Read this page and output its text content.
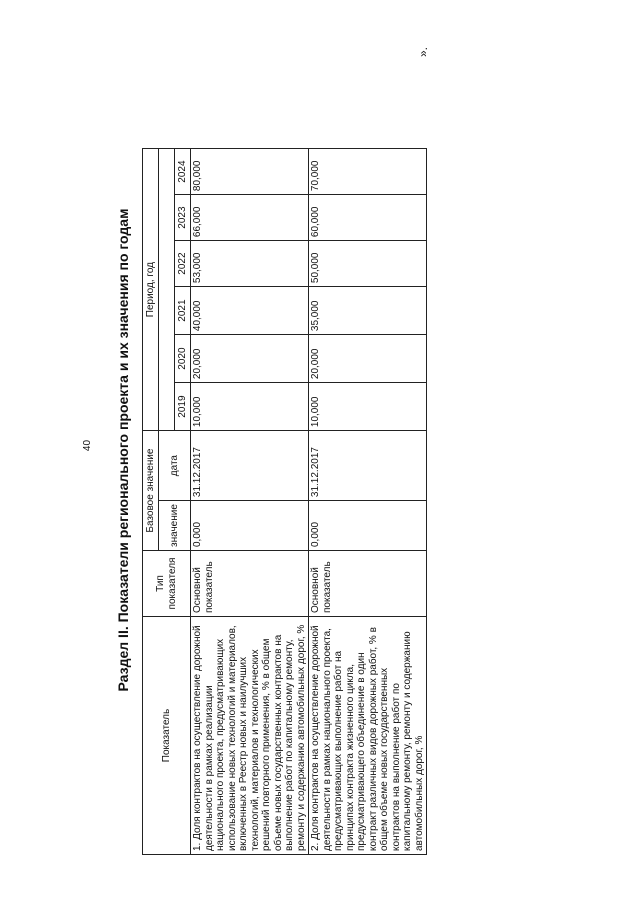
40	Раздел II. Показатели регионального проекта и их значения по годам
Показатель	Тип показателя	Базовое значение		Период, год					
		значение	дата						
				2019	2020	2021	2022	2023	2024
1. Доля контрактов на осуществление дорожной деятельности в рамках реализации национального проекта, предусматривающих использование новых технологий и материалов, включенных в Реестр новых и наилучших технологий, материалов и технологических решений повторного применения, % в общем объеме новых государственных контрактов на выполнение работ по капитальному ремонту, ремонту и содержанию автомобильных дорог, %	Основной показатель	0,000	31.12.2017	10,000	20,000	40,000	53,000	66,000	80,000
2. Доля контрактов на осуществление дорожной деятельности в рамках национального проекта, предусматривающих выполнение работ на принципах контракта жизненного цикла, предусматривающего объединение в один контракт различных видов дорожных работ, % в общем объеме новых государственных контрактов на выполнение работ по капитальному ремонту, ремонту и содержанию автомобильных дорог, %	Основной показатель	0,000	31.12.2017	10,000	20,000	35,000	50,000	60,000	70,000
».
